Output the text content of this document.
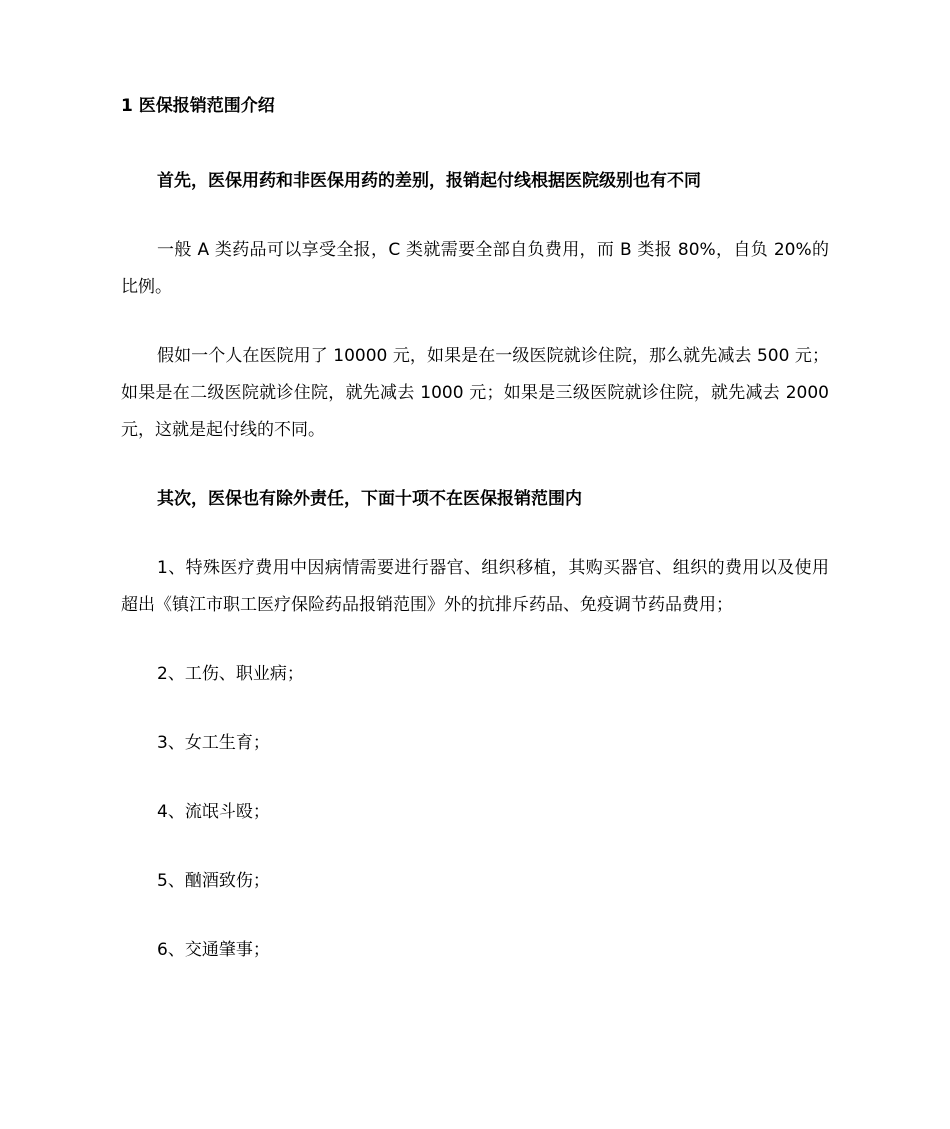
1 医保报销范围介绍

首先，医保用药和非医保用药的差别，报销起付线根据医院级别也有不同

一般 A 类药品可以享受全报，C 类就需要全部自负费用，而 B 类报 80%，自负 20%的比例。

假如一个人在医院用了 10000 元，如果是在一级医院就诊住院，那么就先减去 500 元；如果是在二级医院就诊住院，就先减去 1000 元；如果是三级医院就诊住院，就先减去 2000 元，这就是起付线的不同。

其次，医保也有除外责任，下面十项不在医保报销范围内

1、特殊医疗费用中因病情需要进行器官、组织移植，其购买器官、组织的费用以及使用超出《镇江市职工医疗保险药品报销范围》外的抗排斥药品、免疫调节药品费用；

2、工伤、职业病；

3、女工生育；

4、流氓斗殴；

5、酗酒致伤；

6、交通肇事；
